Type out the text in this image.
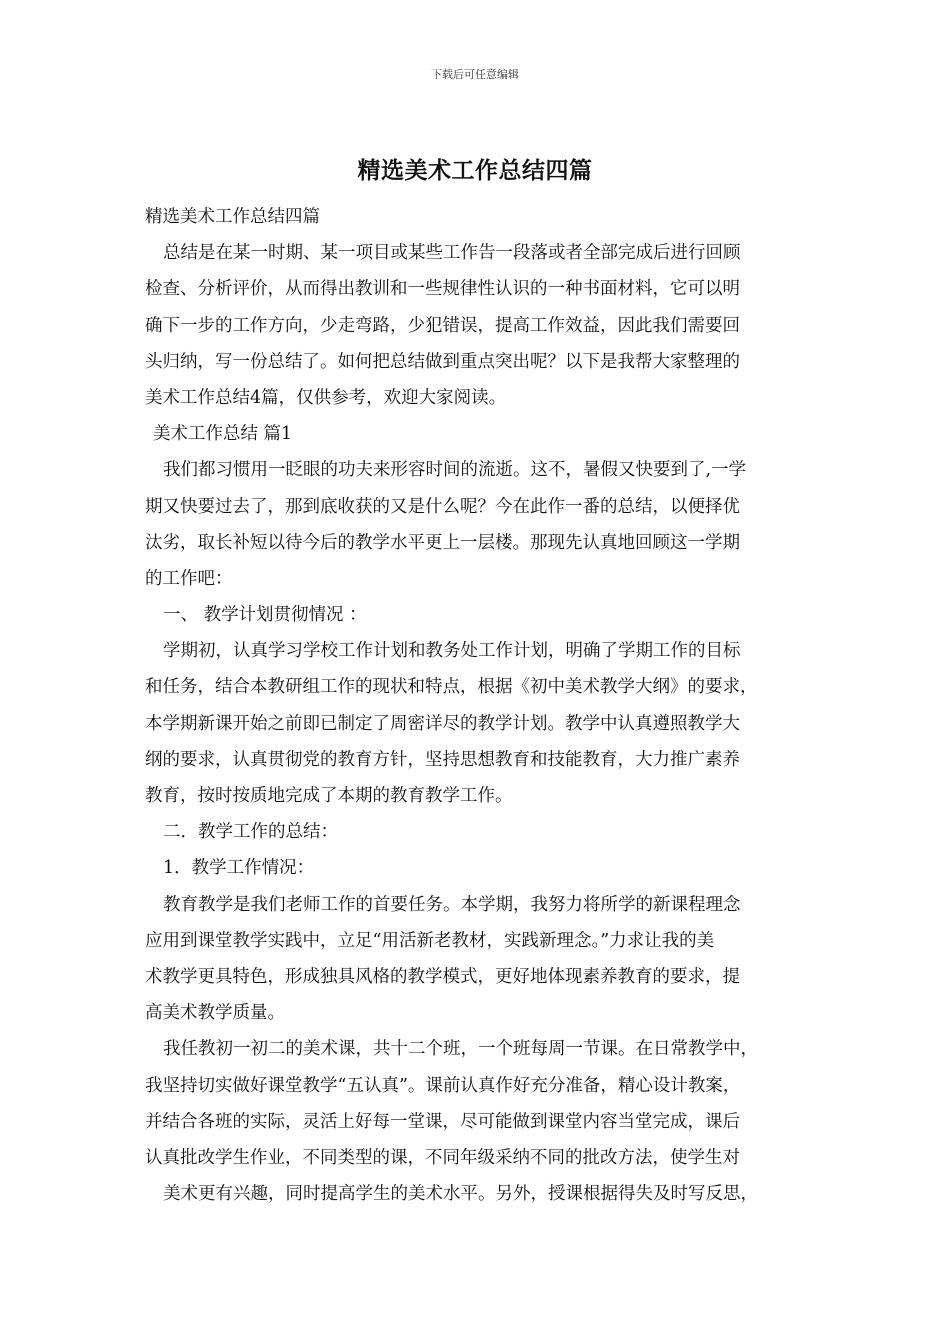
下载后可任意编辑
精选美术工作总结四篇
精选美术工作总结四篇
总结是在某一时期、某一项目或某些工作告一段落或者全部完成后进行回顾
检查、分析评价，从而得出教训和一些规律性认识的一种书面材料，它可以明
确下一步的工作方向，少走弯路，少犯错误，提高工作效益，因此我们需要回
头归纳，写一份总结了。如何把总结做到重点突出呢？以下是我帮大家整理的
美术工作总结4篇，仅供参考，欢迎大家阅读。
美术工作总结 篇1
我们都习惯用一眨眼的功夫来形容时间的流逝。这不，暑假又快要到了,一学
期又快要过去了，那到底收获的又是什么呢？今在此作一番的总结，以便择优
汰劣，取长补短以待今后的教学水平更上一层楼。那现先认真地回顾这一学期
的工作吧：
一、 教学计划贯彻情况 ：
学期初，认真学习学校工作计划和教务处工作计划，明确了学期工作的目标
和任务，结合本教研组工作的现状和特点，根据《初中美术教学大纲》的要求，
本学期新课开始之前即已制定了周密详尽的教学计划。教学中认真遵照教学大
纲的要求，认真贯彻党的教育方针，坚持思想教育和技能教育，大力推广素养
教育，按时按质地完成了本期的教育教学工作。
二．教学工作的总结：
1．教学工作情况：
教育教学是我们老师工作的首要任务。本学期，我努力将所学的新课程理念
应用到课堂教学实践中，立足“用活新老教材，实践新理念。”力求让我的美
术教学更具特色，形成独具风格的教学模式，更好地体现素养教育的要求，提
高美术教学质量。
我任教初一初二的美术课，共十二个班，一个班每周一节课。在日常教学中，
我坚持切实做好课堂教学“五认真”。课前认真作好充分准备，精心设计教案，
并结合各班的实际，灵活上好每一堂课，尽可能做到课堂内容当堂完成，课后
认真批改学生作业，不同类型的课，不同年级采纳不同的批改方法，使学生对
美术更有兴趣，同时提高学生的美术水平。另外，授课根据得失及时写反思，
